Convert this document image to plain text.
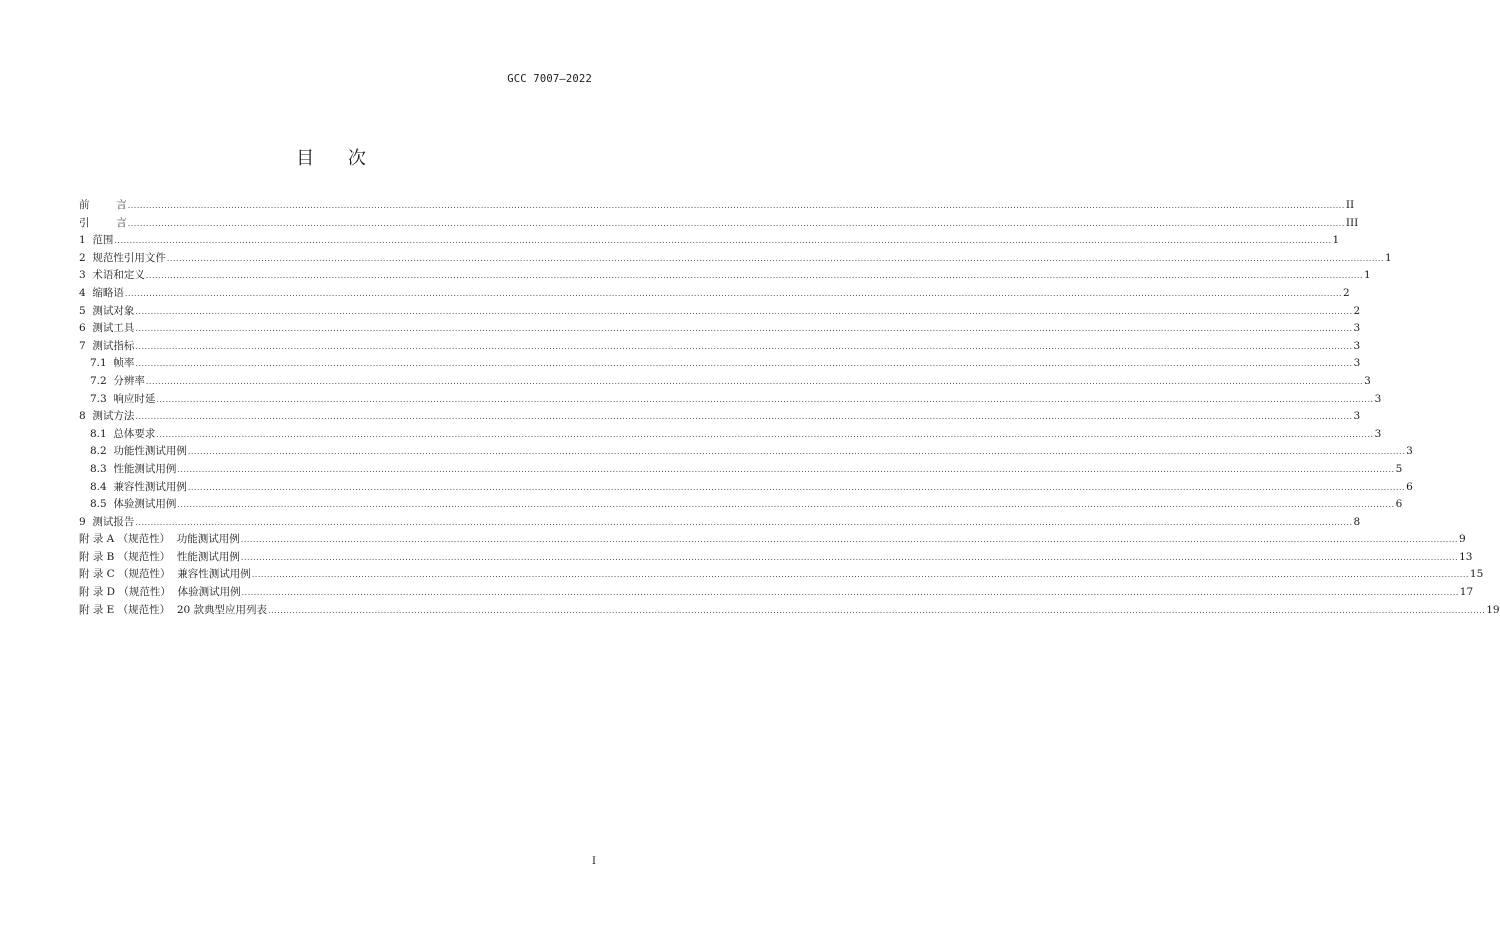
GCC 7007—2022
目 次
前        言 ................................................................................................................................................................................................................................................................................................................................................................................................................ II
引        言 ................................................................................................................................................................................................................................................................................................................................................................................................................ III
1 范围 ................................................................................................................................................................................................................................................................................................................................................................................................................ 1
2 规范性引用文件 ................................................................................................................................................................................................................................................................................................................................................................................................................ 1
3 术语和定义 ................................................................................................................................................................................................................................................................................................................................................................................................................ 1
4 缩略语 ................................................................................................................................................................................................................................................................................................................................................................................................................ 2
5 测试对象 ................................................................................................................................................................................................................................................................................................................................................................................................................ 2
6 测试工具 ................................................................................................................................................................................................................................................................................................................................................................................................................ 3
7 测试指标 ................................................................................................................................................................................................................................................................................................................................................................................................................ 3
7.1 帧率 ................................................................................................................................................................................................................................................................................................................................................................................................................ 3
7.2 分辨率 ................................................................................................................................................................................................................................................................................................................................................................................................................ 3
7.3 响应时延 ................................................................................................................................................................................................................................................................................................................................................................................................................ 3
8 测试方法 ................................................................................................................................................................................................................................................................................................................................................................................................................ 3
8.1 总体要求 ................................................................................................................................................................................................................................................................................................................................................................................................................ 3
8.2 功能性测试用例 ................................................................................................................................................................................................................................................................................................................................................................................................................ 3
8.3 性能测试用例 ................................................................................................................................................................................................................................................................................................................................................................................................................ 5
8.4 兼容性测试用例 ................................................................................................................................................................................................................................................................................................................................................................................................................ 6
8.5 体验测试用例 ................................................................................................................................................................................................................................................................................................................................................................................................................ 6
9 测试报告 ................................................................................................................................................................................................................................................................................................................................................................................................................ 8
附 录 A （规范性） 功能测试用例 ................................................................................................................................................................................................................................................................................................................................................................................................................ 9
附 录 B （规范性） 性能测试用例 ................................................................................................................................................................................................................................................................................................................................................................................................................ 13
附 录 C （规范性） 兼容性测试用例 ................................................................................................................................................................................................................................................................................................................................................................................................................ 15
附 录 D （规范性） 体验测试用例 ................................................................................................................................................................................................................................................................................................................................................................................................................ 17
附 录 E （规范性） 20 款典型应用列表 ................................................................................................................................................................................................................................................................................................................................................................................................................ 19
I
